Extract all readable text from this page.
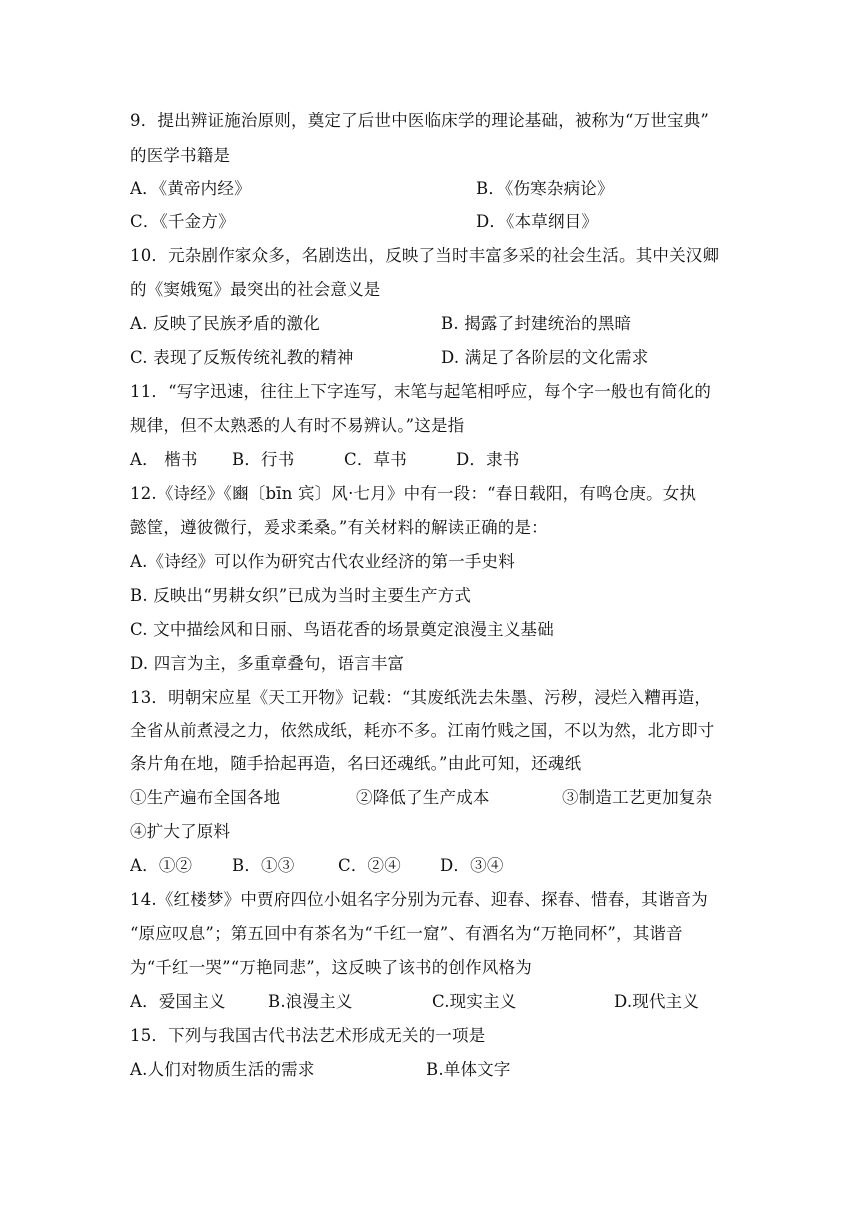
9．提出辨证施治原则，奠定了后世中医临床学的理论基础，被称为“万世宝典”
的医学书籍是
A．《黄帝内经》	B．《伤寒杂病论》
C．《千金方》	D．《本草纲目》
10．元杂剧作家众多，名剧迭出，反映了当时丰富多采的社会生活。其中关汉卿
的《窦娥冤》最突出的社会意义是
A. 反映了民族矛盾的激化	B. 揭露了封建统治的黑暗
C. 表现了反叛传统礼教的精神	D. 满足了各阶层的文化需求
11．“写字迅速，往往上下字连写，末笔与起笔相呼应，每个字一般也有简化的
规律，但不太熟悉的人有时不易辨认。”这是指
A． 楷书 B．行书	C．草书	D．隶书
12.《诗经》《豳〔bīn 宾〕风·七月》中有一段：“春日载阳，有鸣仓庚。女执
懿筐，遵彼微行，爰求柔桑。”有关材料的解读正确的是：
A.《诗经》可以作为研究古代农业经济的第一手史料
B. 反映出“男耕女织”已成为当时主要生产方式
C. 文中描绘风和日丽、鸟语花香的场景奠定浪漫主义基础
D. 四言为主，多重章叠句，语言丰富
13．明朝宋应星《天工开物》记载：“其废纸洗去朱墨、污秽，浸烂入糟再造，
全省从前煮浸之力，依然成纸，耗亦不多。江南竹贱之国，不以为然，北方即寸
条片角在地，随手拾起再造，名曰还魂纸。”由此可知，还魂纸
①生产遍布全国各地	②降低了生产成本	③制造工艺更加复杂
④扩大了原料
A．①② B．①③	C．②④ D．③④
14.《红楼梦》中贾府四位小姐名字分别为元春、迎春、探春、惜春，其谐音为
“原应叹息”；第五回中有茶名为“千红一窟”、有酒名为“万艳同杯”，其谐音
为“千红一哭”“万艳同悲”，这反映了该书的创作风格为
A．爱国主义	B.浪漫主义	C.现实主义	D.现代主义
15．下列与我国古代书法艺术形成无关的一项是
A.人们对物质生活的需求	B.单体文字
